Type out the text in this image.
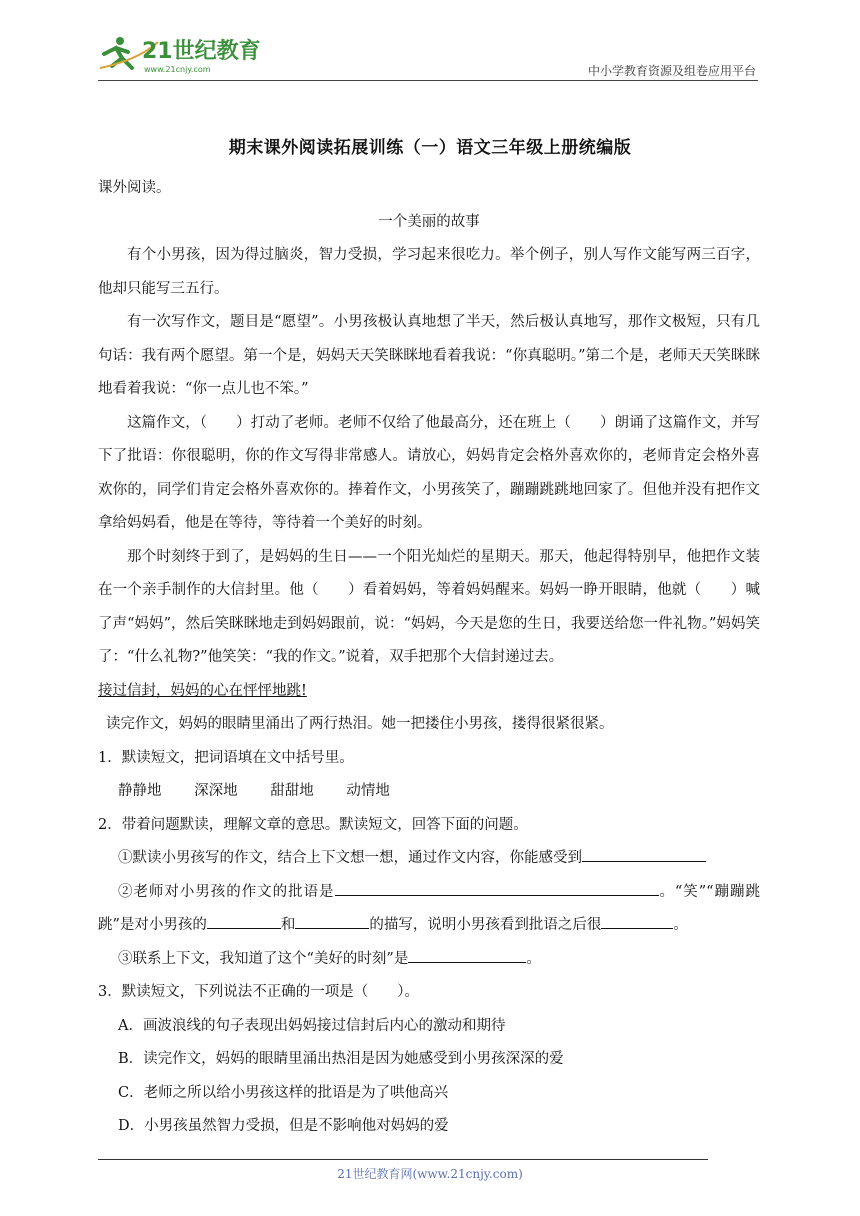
21世纪教育
www.21cnjy.com	中小学教育资源及组卷应用平台
期末课外阅读拓展训练（一）语文三年级上册统编版

课外阅读。

一个美丽的故事

有个小男孩，因为得过脑炎，智力受损，学习起来很吃力。举个例子，别人写作文能写两三百字，他却只能写三五行。

有一次写作文，题目是“愿望”。小男孩极认真地想了半天，然后极认真地写，那作文极短，只有几句话：我有两个愿望。第一个是，妈妈天天笑眯眯地看着我说：“你真聪明。”第二个是，老师天天笑眯眯地看着我说：“你一点儿也不笨。”

这篇作文，（　　）打动了老师。老师不仅给了他最高分，还在班上（　　）朗诵了这篇作文，并写下了批语：你很聪明，你的作文写得非常感人。请放心，妈妈肯定会格外喜欢你的，老师肯定会格外喜欢你的，同学们肯定会格外喜欢你的。捧着作文，小男孩笑了，蹦蹦跳跳地回家了。但他并没有把作文拿给妈妈看，他是在等待，等待着一个美好的时刻。

那个时刻终于到了，是妈妈的生日——一个阳光灿烂的星期天。那天，他起得特别早，他把作文装在一个亲手制作的大信封里。他（　　）看着妈妈，等着妈妈醒来。妈妈一睁开眼睛，他就（　　）喊了声“妈妈”，然后笑眯眯地走到妈妈跟前，说：“妈妈，今天是您的生日，我要送给您一件礼物。”妈妈笑了：“什么礼物?”他笑笑：“我的作文。”说着，双手把那个大信封递过去。

接过信封，妈妈的心在怦怦地跳!

读完作文，妈妈的眼睛里涌出了两行热泪。她一把搂住小男孩，搂得很紧很紧。

1．默读短文，把词语填在文中括号里。

静静地 深深地 甜甜地 动情地

2．带着问题默读，理解文章的意思。默读短文，回答下面的问题。

①默读小男孩写的作文，结合上下文想一想，通过作文内容，你能感受到

②老师对小男孩的作文的批语是	。“笑”“蹦蹦跳跳”是对小男孩的	和	的描写，说明小男孩看到批语之后很	。

③联系上下文，我知道了这个“美好的时刻”是	。

3．默读短文，下列说法不正确的一项是（　　）。

A．画波浪线的句子表现出妈妈接过信封后内心的激动和期待

B．读完作文，妈妈的眼睛里涌出热泪是因为她感受到小男孩深深的爱

C．老师之所以给小男孩这样的批语是为了哄他高兴

D．小男孩虽然智力受损，但是不影响他对妈妈的爱

21世纪教育网(www.21cnjy.com)
